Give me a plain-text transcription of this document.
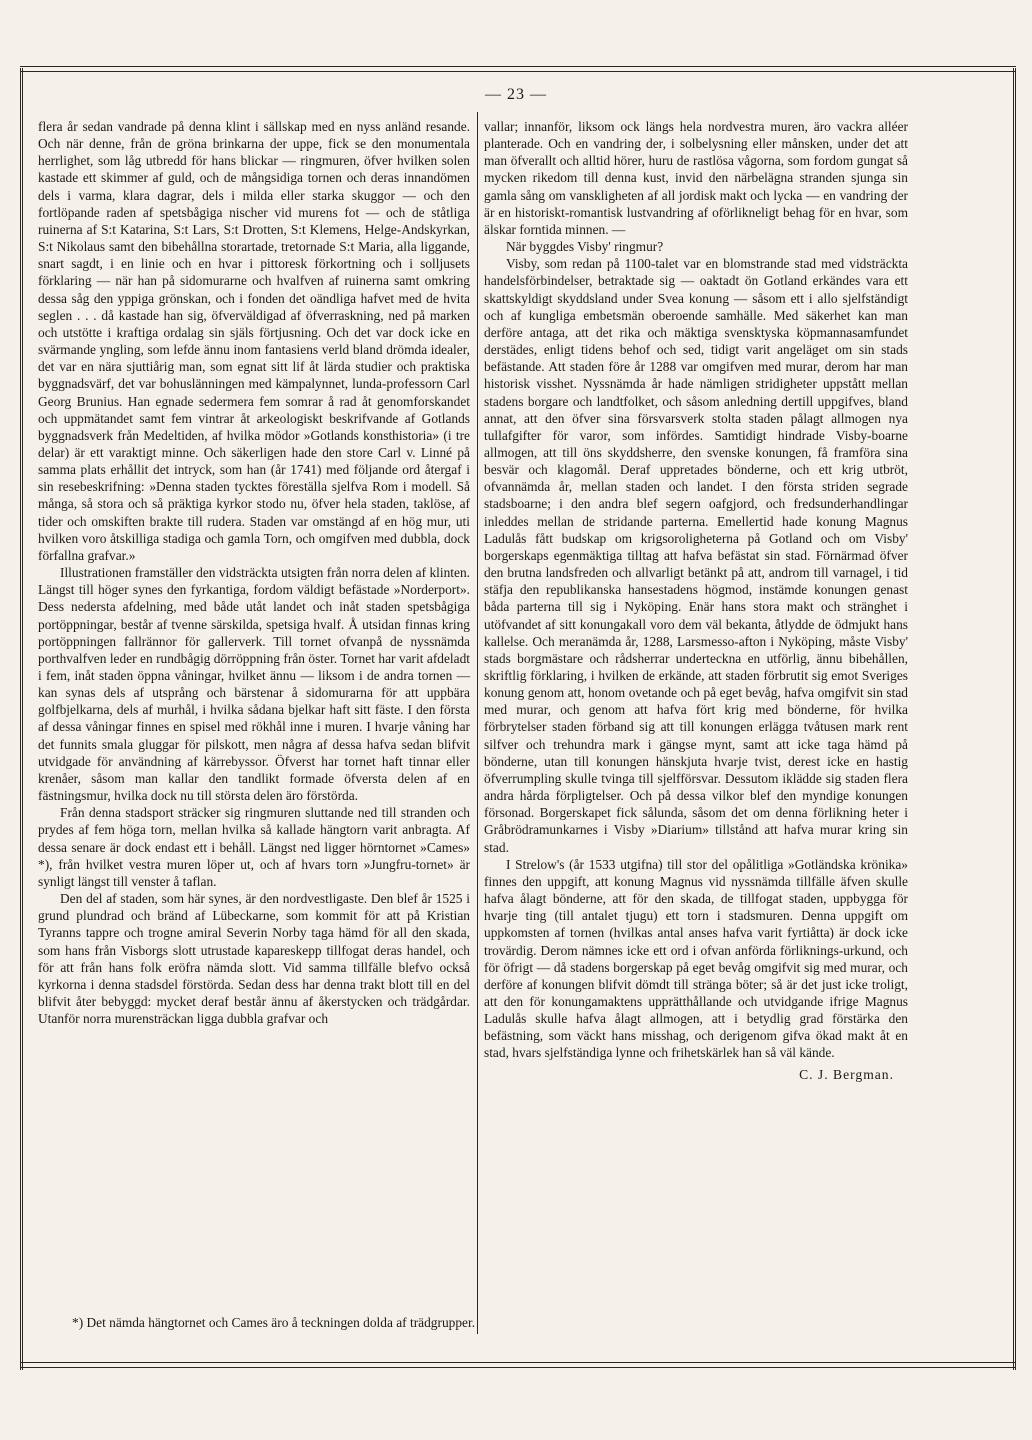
— 23 —

flera år sedan vandrade på denna klint i sällskap med en nyss anländ resande. Och när denne, från de gröna brinkarna der uppe, fick se den monumentala herrlighet, som låg utbredd för hans blickar — ringmuren, öfver hvilken solen kastade ett skimmer af guld, och de mångsidiga tornen och deras innandömen dels i varma, klara dagrar, dels i milda eller starka skuggor — och den fortlöpande raden af spetsbågiga nischer vid murens fot — och de ståtliga ruinerna af S:t Katarina, S:t Lars, S:t Drotten, S:t Klemens, Helge-Andskyrkan, S:t Nikolaus samt den bibehållna storartade, tretornade S:t Maria, alla liggande, snart sagdt, i en linie och en hvar i pittoresk förkortning och i solljusets förklaring — när han på sidomurarne och hvalfven af ruinerna samt omkring dessa såg den yppiga grönskan, och i fonden det oändliga hafvet med de hvita seglen . . . då kastade han sig, öfverväldigad af öfverraskning, ned på marken och utstötte i kraftiga ordalag sin själs förtjusning. Och det var dock icke en svärmande yngling, som lefde ännu inom fantasiens verld bland drömda idealer, det var en nära sjuttiårig man, som egnat sitt lif åt lärda studier och praktiska byggnadsvärf, det var bohuslänningen med kämpalynnet, lunda-professorn Carl Georg Brunius. Han egnade sedermera fem somrar å rad åt genomforskandet och uppmätandet samt fem vintrar åt arkeologiskt beskrifvande af Gotlands byggnadsverk från Medeltiden, af hvilka mödor »Gotlands konsthistoria» (i tre delar) är ett varaktigt minne. Och säkerligen hade den store Carl v. Linné på samma plats erhållit det intryck, som han (år 1741) med följande ord återgaf i sin resebeskrifning: »Denna staden tycktes föreställa sjelfva Rom i modell. Så många, så stora och så präktiga kyrkor stodo nu, öfver hela staden, taklöse, af tider och omskiften brakte till rudera. Staden var omstängd af en hög mur, uti hvilken voro åtskilliga stadiga och gamla Torn, och omgifven med dubbla, dock förfallna grafvar.»

Illustrationen framställer den vidsträckta utsigten från norra delen af klinten. Längst till höger synes den fyrkantiga, fordom väldigt befästade »Norderport». Dess nedersta afdelning, med både utåt landet och inåt staden spetsbågiga portöppningar, består af tvenne särskilda, spetsiga hvalf. Å utsidan finnas kring portöppningen fallrännor för gallerverk. Till tornet ofvanpå de nyssnämda porthvalfven leder en rundbågig dörröppning från öster. Tornet har varit afdeladt i fem, inåt staden öppna våningar, hvilket ännu — liksom i de andra tornen — kan synas dels af utsprång och bärstenar å sidomurarna för att uppbära golfbjelkarna, dels af murhål, i hvilka sådana bjelkar haft sitt fäste. I den första af dessa våningar finnes en spisel med rökhål inne i muren. I hvarje våning har det funnits smala gluggar för pilskott, men några af dessa hafva sedan blifvit utvidgade för användning af kärrebyssor. Öfverst har tornet haft tinnar eller krenåer, såsom man kallar den tandlikt formade öfversta delen af en fästningsmur, hvilka dock nu till största delen äro förstörda.

Från denna stadsport sträcker sig ringmuren sluttande ned till stranden och prydes af fem höga torn, mellan hvilka så kallade hängtorn varit anbragta. Af dessa senare är dock endast ett i behåll. Längst ned ligger hörntornet »Cames» *), från hvilket vestra muren löper ut, och af hvars torn »Jungfru-tornet» är synligt längst till venster å taflan.

Den del af staden, som här synes, är den nordvestligaste. Den blef år 1525 i grund plundrad och bränd af Lübeckarne, som kommit för att på Kristian Tyranns tappre och trogne amiral Severin Norby taga hämd för all den skada, som hans från Visborgs slott utrustade kapareskepp tillfogat deras handel, och för att från hans folk eröfra nämda slott. Vid samma tillfälle blefvo också kyrkorna i denna stadsdel förstörda. Sedan dess har denna trakt blott till en del blifvit åter bebyggd: mycket deraf består ännu af åkerstycken och trädgårdar. Utanför norra murensträckan ligga dubbla grafvar och

vallar; innanför, liksom ock längs hela nordvestra muren, äro vackra alléer planterade. Och en vandring der, i solbelysning eller månsken, under det att man öfverallt och alltid hörer, huru de rastlösa vågorna, som fordom gungat så mycken rikedom till denna kust, invid den närbelägna stranden sjunga sin gamla sång om vanskligheten af all jordisk makt och lycka — en vandring der är en historiskt-romantisk lustvandring af oförlikneligt behag för en hvar, som älskar forntida minnen. —

När byggdes Visby' ringmur?

Visby, som redan på 1100-talet var en blomstrande stad med vidsträckta handelsförbindelser, betraktade sig — oaktadt ön Gotland erkändes vara ett skattskyldigt skyddsland under Svea konung — såsom ett i allo sjelfständigt och af kungliga embetsmän oberoende samhälle. Med säkerhet kan man derföre antaga, att det rika och mäktiga svensktyska köpmannasamfundet derstädes, enligt tidens behof och sed, tidigt varit angeläget om sin stads befästande. Att staden före år 1288 var omgifven med murar, derom har man historisk visshet. Nyssnämda år hade nämligen stridigheter uppstått mellan stadens borgare och landtfolket, och såsom anledning dertill uppgifves, bland annat, att den öfver sina försvarsverk stolta staden pålagt allmogen nya tullafgifter för varor, som infördes. Samtidigt hindrade Visby-boarne allmogen, att till öns skyddsherre, den svenske konungen, få framföra sina besvär och klagomål. Deraf uppretades bönderne, och ett krig utbröt, ofvannämda år, mellan staden och landet. I den första striden segrade stadsboarne; i den andra blef segern oafgjord, och fredsunderhandlingar inleddes mellan de stridande parterna. Emellertid hade konung Magnus Ladulås fått budskap om krigsoroligheterna på Gotland och om Visby' borgerskaps egenmäktiga tilltag att hafva befästat sin stad. Förnärmad öfver den brutna landsfreden och allvarligt betänkt på att, androm till varnagel, i tid stäfja den republikanska hansestadens högmod, instämde konungen genast båda parterna till sig i Nyköping. Enär hans stora makt och stränghet i utöfvandet af sitt konungakall voro dem väl bekanta, åtlydde de ödmjukt hans kallelse. Och meranämda år, 1288, Larsmesso-afton i Nyköping, måste Visby' stads borgmästare och rådsherrar underteckna en utförlig, ännu bibehållen, skriftlig förklaring, i hvilken de erkände, att staden förbrutit sig emot Sveriges konung genom att, honom ovetande och på eget bevåg, hafva omgifvit sin stad med murar, och genom att hafva fört krig med bönderne, för hvilka förbrytelser staden förband sig att till konungen erlägga tvåtusen mark rent silfver och trehundra mark i gängse mynt, samt att icke taga hämd på bönderne, utan till konungen hänskjuta hvarje tvist, derest icke en hastig öfverrumpling skulle tvinga till sjelfförsvar. Dessutom iklädde sig staden flera andra hårda förpligtelser. Och på dessa vilkor blef den myndige konungen försonad. Borgerskapet fick sålunda, såsom det om denna förlikning heter i Gråbrödramunkarnes i Visby »Diarium» tillstånd att hafva murar kring sin stad.

I Strelow's (år 1533 utgifna) till stor del opålitliga »Gotländska krönika» finnes den uppgift, att konung Magnus vid nyssnämda tillfälle äfven skulle hafva ålagt bönderne, att för den skada, de tillfogat staden, uppbygga för hvarje ting (till antalet tjugu) ett torn i stadsmuren. Denna uppgift om uppkomsten af tornen (hvilkas antal anses hafva varit fyrtiåtta) är dock icke trovärdig. Derom nämnes icke ett ord i ofvan anförda förliknings-urkund, och för öfrigt — då stadens borgerskap på eget bevåg omgifvit sig med murar, och derföre af konungen blifvit dömdt till stränga böter; så är det just icke troligt, att den för konungamaktens upprätthållande och utvidgande ifrige Magnus Ladulås skulle hafva ålagt allmogen, att i betydlig grad förstärka den befästning, som väckt hans misshag, och derigenom gifva ökad makt åt en stad, hvars sjelfständiga lynne och frihetskärlek han så väl kände.

C. J. Bergman.
*) Det nämda hängtornet och Cames äro å teckningen dolda af trädgrupper.
